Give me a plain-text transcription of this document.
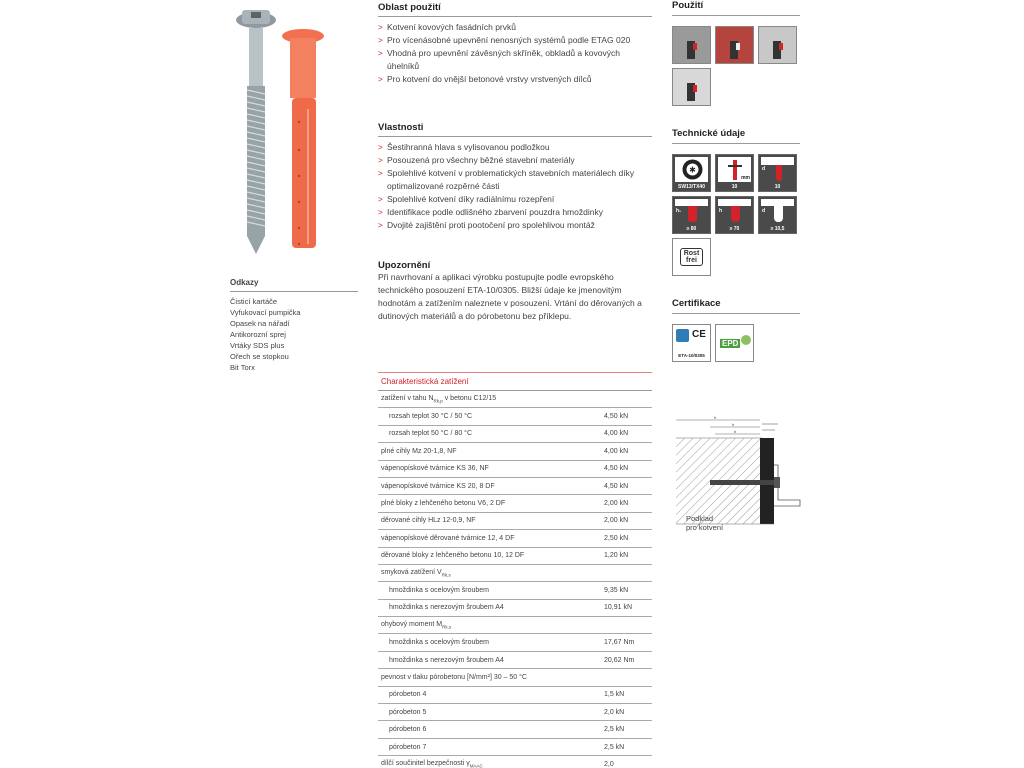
Odkazy
Čisticí kartáče
Vyfukovací pumpička
Opasek na nářadí
Antikorozní sprej
Vrtáky SDS plus
Ořech se stopkou
Bit Torx
Oblast použití
> Kotvení kovových fasádních prvků
> Pro vícenásobné upevnění nenosných systémů podle ETAG 020
> Vhodná pro upevnění závěsných skříněk, obkladů a kovových úhelníků
> Pro kotvení do vnější betonové vrstvy vrstvených dílců
Vlastnosti
> Šestihranná hlava s vylisovanou podložkou
> Posouzená pro všechny běžné stavební materiály
> Spolehlivé kotvení v problematických stavebních materiálech díky optimalizované rozpěrné části
> Spolehlivé kotvení díky radiálnímu rozepření
> Identifikace podle odlišného zbarvení pouzdra hmoždinky
> Dvojité zajištění proti pootočení pro spolehlivou montáž
Upozornění

Při navrhovaní a aplikaci výrobku postupujte podle evropského technického posouzení ETA-10/0305. Bližší údaje ke jmenovitým hodnotám a zatížením naleznete v posouzení. Vrtání do děrovaných a dutinových materiálů a do pórobetonu bez příklepu.

Charakteristická zatížení
zatížení v tahu $N_{Rk,p}$ v betonu C12/15
rozsah teplot 30 °C / 50 °C	4,50 kN
rozsah teplot 50 °C / 80 °C	4,00 kN
plné cihly Mz 20-1,8, NF	4,00 kN
vápenopískové tvárnice KS 36, NF	4,50 kN
vápenopískové tvárnice KS 20, 8 DF	4,50 kN
plné bloky z lehčeného betonu V6, 2 DF	2,00 kN
děrované cihly HLz 12-0,9, NF	2,00 kN
vápenopískové děrované tvárnice 12, 4 DF	2,50 kN
děrované bloky z lehčeného betonu 10, 12 DF	1,20 kN
smyková zatížení $V_{Rk,s}$
hmoždinka s ocelovým šroubem	9,35 kN
hmoždinka s nerezovým šroubem A4	10,91 kN
ohybový moment $M_{Rk,s}$
hmoždinka s ocelovým šroubem	17,67 Nm
hmoždinka s nerezovým šroubem A4	20,62 Nm
pevnost v tlaku pórobetonu [N/mm²] 30 – 50 °C
pórobeton 4	1,5 kN
pórobeton 5	2,0 kN
pórobeton 6	2,5 kN
pórobeton 7	2,5 kN
dílčí součinitel bezpečnosti $\gamma_{MAAC}$	2,0
Použití
Technické údaje
✱
SW13/TX40
mm
10
d
10
h₁
≥ 80
h
≥ 70
d
≥ 10,5
Rost
frei
Certifikace
CE
ETA-10/0305
EPD
h
h
h
Podklad
pro kotvení
